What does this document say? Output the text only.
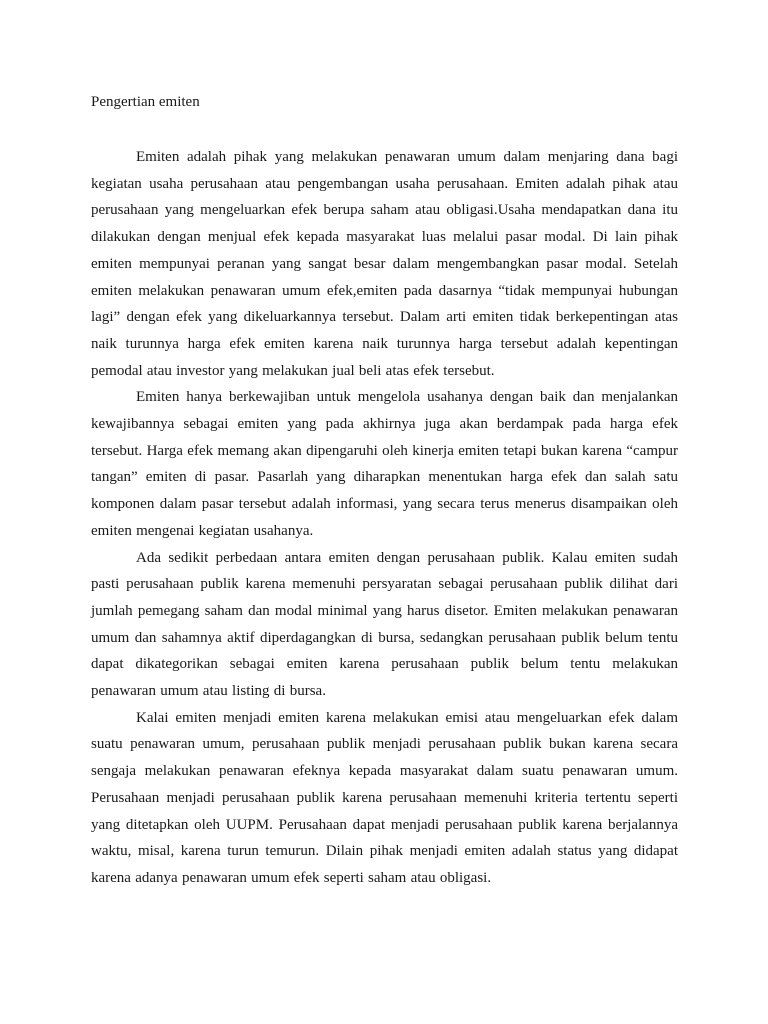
Pengertian emiten

Emiten adalah pihak yang melakukan penawaran umum dalam menjaring dana bagi kegiatan usaha perusahaan atau pengembangan usaha perusahaan. Emiten adalah pihak atau perusahaan yang mengeluarkan efek berupa saham atau obligasi.Usaha mendapatkan dana itu dilakukan dengan menjual efek kepada masyarakat luas melalui pasar modal. Di lain pihak emiten mempunyai peranan yang sangat besar dalam mengembangkan pasar modal. Setelah emiten melakukan penawaran umum efek,emiten pada dasarnya “tidak mempunyai hubungan lagi” dengan efek yang dikeluarkannya tersebut. Dalam arti emiten tidak berkepentingan atas naik turunnya harga efek emiten karena naik turunnya harga tersebut adalah kepentingan pemodal atau investor yang melakukan jual beli atas efek tersebut.

Emiten hanya berkewajiban untuk mengelola usahanya dengan baik dan menjalankan kewajibannya sebagai emiten yang pada akhirnya juga akan berdampak pada harga efek tersebut. Harga efek memang akan dipengaruhi oleh kinerja emiten tetapi bukan karena “campur tangan” emiten di pasar. Pasarlah yang diharapkan menentukan harga efek dan salah satu komponen dalam pasar tersebut adalah informasi, yang secara terus menerus disampaikan oleh emiten mengenai kegiatan usahanya.

Ada sedikit perbedaan antara emiten dengan perusahaan publik. Kalau emiten sudah pasti perusahaan publik karena memenuhi persyaratan sebagai perusahaan publik dilihat dari jumlah pemegang saham dan modal minimal yang harus disetor. Emiten melakukan penawaran umum dan sahamnya aktif diperdagangkan di bursa, sedangkan perusahaan publik belum tentu dapat dikategorikan sebagai emiten karena perusahaan publik belum tentu melakukan penawaran umum atau listing di bursa.

Kalai emiten menjadi emiten karena melakukan emisi atau mengeluarkan efek dalam suatu penawaran umum, perusahaan publik menjadi perusahaan publik bukan karena secara sengaja melakukan penawaran efeknya kepada masyarakat dalam suatu penawaran umum. Perusahaan menjadi perusahaan publik karena perusahaan memenuhi kriteria tertentu seperti yang ditetapkan oleh UUPM. Perusahaan dapat menjadi perusahaan publik karena berjalannya waktu, misal, karena turun temurun. Dilain pihak menjadi emiten adalah status yang didapat karena adanya penawaran umum efek seperti saham atau obligasi.
